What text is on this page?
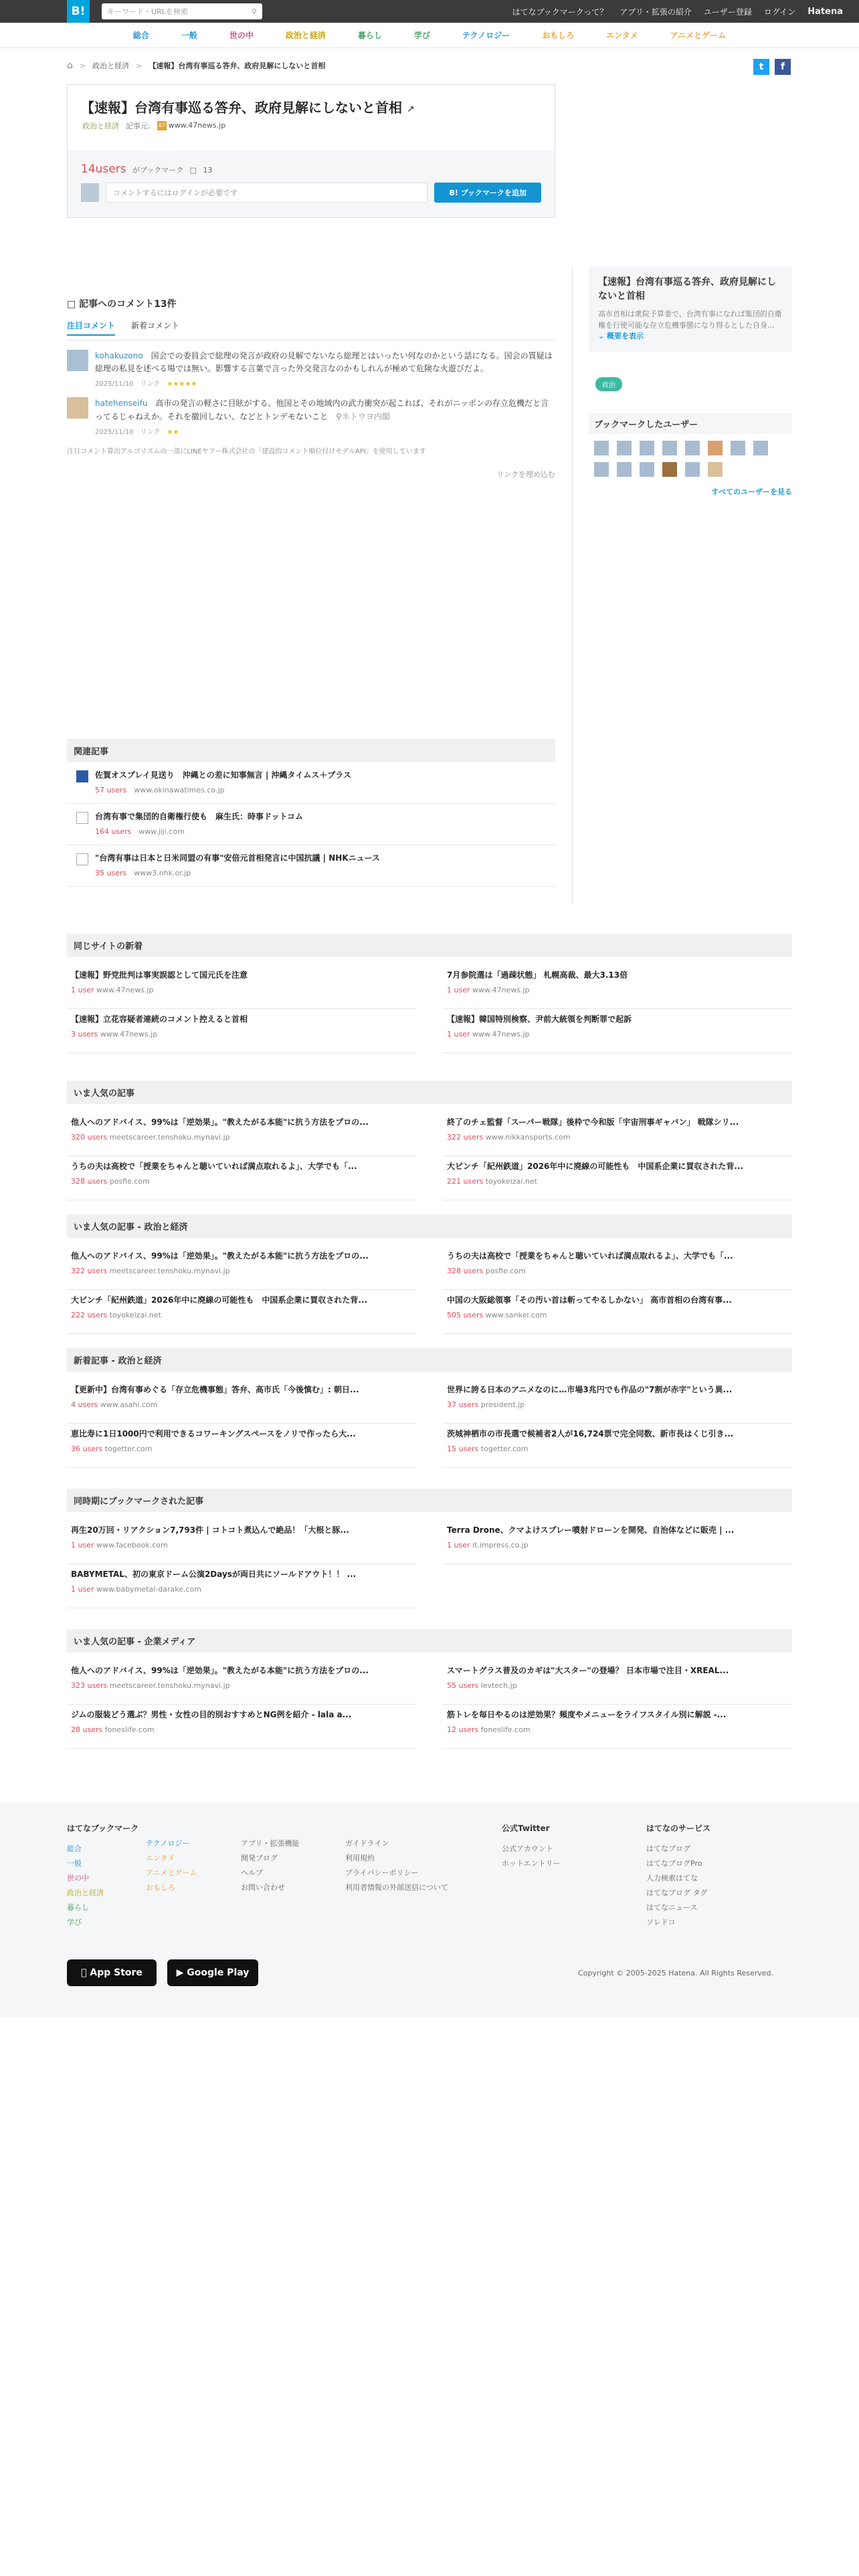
B!	キーワード・URLを検索	⚲	はてなブックマークって？ アプリ・拡張の紹介 ユーザー登録 ログイン Hatena
総合	一般	世の中	政治と経済	暮らし	学び	テクノロジー	おもしろ	エンタメ	アニメとゲーム
⌂ > 政治と経済 > 【速報】台湾有事巡る答弁、政府見解にしないと首相	t	f
【速報】台湾有事巡る答弁、政府見解にしないと首相 ↗
政治と経済 記事元: 47 www.47news.jp
14users がブックマーク □ 13
コメントするにはログインが必要です	B! ブックマークを追加
□ 記事へのコメント13件
注目コメント 新着コメント
kohakuzono　 国会での委員会で総理の発言が政府の見解でないなら総理とはいったい何なのかという話になる。国会の質疑は総理の私見を述べる場では無い。影響する言葉で言った外交発言なのかもしれんが極めて危険な火遊びだよ。
2025/11/10　 リンク　 ★★★★★
hatehenseifu　 高市の発言の軽さに目眩がする。他国とその地域内の武力衝突が起これば、それがニッポンの存立危機だと言ってるじゃねえか。それを撤回しない、などとトンデモないこと　 ⚲ネトウヨ内閣
2025/11/10　 リンク　 ★★
注目コメント算出アルゴリズムの一部にLINEヤフー株式会社の「建設的コメント順位付けモデルAPI」を使用しています
リンクを埋め込む
【速報】台湾有事巡る答弁、政府見解にしないと首相
高市首相は衆院予算委で、台湾有事になれば集団的自衛権を行使可能な存立危機事態になり得るとした自身... ⌄ 概要を表示
政治
ブックマークしたユーザー
すべてのユーザーを見る
関連記事
佐賀オスプレイ見送り　沖縄との差に知事無言 | 沖縄タイムス＋プラス
57 users　 www.okinawatimes.co.jp
台湾有事で集団的自衛権行使も　麻生氏：時事ドットコム
164 users　 www.jiji.com
"台湾有事は日本と日米同盟の有事"安倍元首相発言に中国抗議 | NHKニュース
35 users　 www3.nhk.or.jp
同じサイトの新着
【速報】野党批判は事実誤認として国元氏を注意
1 user www.47news.jp
7月参院選は「過疎状態」 札幌高裁、最大3.13倍
1 user www.47news.jp
【速報】立花容疑者連続のコメント控えると首相
3 users www.47news.jp
【速報】韓国特別検察、尹前大統領を判断罪で起訴
1 user www.47news.jp
いま人気の記事
他人へのアドバイス、99%は「逆効果」。"教えたがる本能"に抗う方法をプロの...
320 users meetscareer.tenshoku.mynavi.jp
終了のチェ監督「スーパー戦隊」後枠で今和版「宇宙刑事ギャバン」 戦隊シリ...
322 users www.nikkansports.com
うちの夫は高校で「授業をちゃんと聴いていれば満点取れるよ」、大学でも「...
328 users posfie.com
大ピンチ「紀州鉄道」2026年中に廃線の可能性も　中国系企業に買収された背...
221 users toyokeizai.net
いま人気の記事 - 政治と経済
他人へのアドバイス、99%は「逆効果」。"教えたがる本能"に抗う方法をプロの...
322 users meetscareer.tenshoku.mynavi.jp
うちの夫は高校で「授業をちゃんと聴いていれば満点取れるよ」、大学でも「...
328 users posfie.com
大ピンチ「紀州鉄道」2026年中に廃線の可能性も　中国系企業に買収された背...
222 users toyokeizai.net
中国の大阪総領事「その汚い首は斬ってやるしかない」 高市首相の台湾有事...
505 users www.sankei.com
新着記事 - 政治と経済
【更新中】台湾有事めぐる「存立危機事態」答弁、高市氏「今後慎む」: 朝日...
4 users www.asahi.com
世界に誇る日本のアニメなのに…市場3兆円でも作品の"7割が赤字"という異...
37 users president.jp
恵比寿に1日1000円で利用できるコワーキングスペースをノリで作ったら大...
36 users togetter.com
茨城神栖市の市長選で候補者2人が16,724票で完全同数、新市長はくじ引き...
15 users togetter.com
同時期にブックマークされた記事
再生20万回・リアクション7,793件 | コトコト煮込んで絶品！「大根と豚...
1 user www.facebook.com
Terra Drone、クマよけスプレー噴射ドローンを開発、自治体などに販売 | ...
1 user it.impress.co.jp
BABYMETAL、初の東京ドーム公演2Daysが両日共にソールドアウト！！ ...
1 user www.babymetal-darake.com
いま人気の記事 - 企業メディア
他人へのアドバイス、99%は「逆効果」。"教えたがる本能"に抗う方法をプロの...
323 users meetscareer.tenshoku.mynavi.jp
スマートグラス普及のカギは"大スター"の登場？ 日本市場で注目・XREAL...
55 users levtech.jp
ジムの服装どう選ぶ？男性・女性の目的別おすすめとNG例を紹介 - lala a...
28 users foneslife.com
筋トレを毎日やるのは逆効果？頻度やメニューをライフスタイル別に解説 -...
12 users foneslife.com
はてなブックマーク
総合
一般
世の中
政治と経済
暮らし
学び
テクノロジー
エンタメ
アニメとゲーム
おもしろ
アプリ・拡張機能
開発ブログ
ヘルプ
お問い合わせ
ガイドライン
利用規約
プライバシーポリシー
利用者情報の外部送信について
公式Twitter
公式アカウント
ホットエントリー
はてなのサービス
はてなブログ
はてなブログPro
人力検索はてな
はてなブログ タグ
はてなニュース
ソレドコ

App Store	▶
Google Play	Copyright © 2005-2025 Hatena. All Rights Reserved.
